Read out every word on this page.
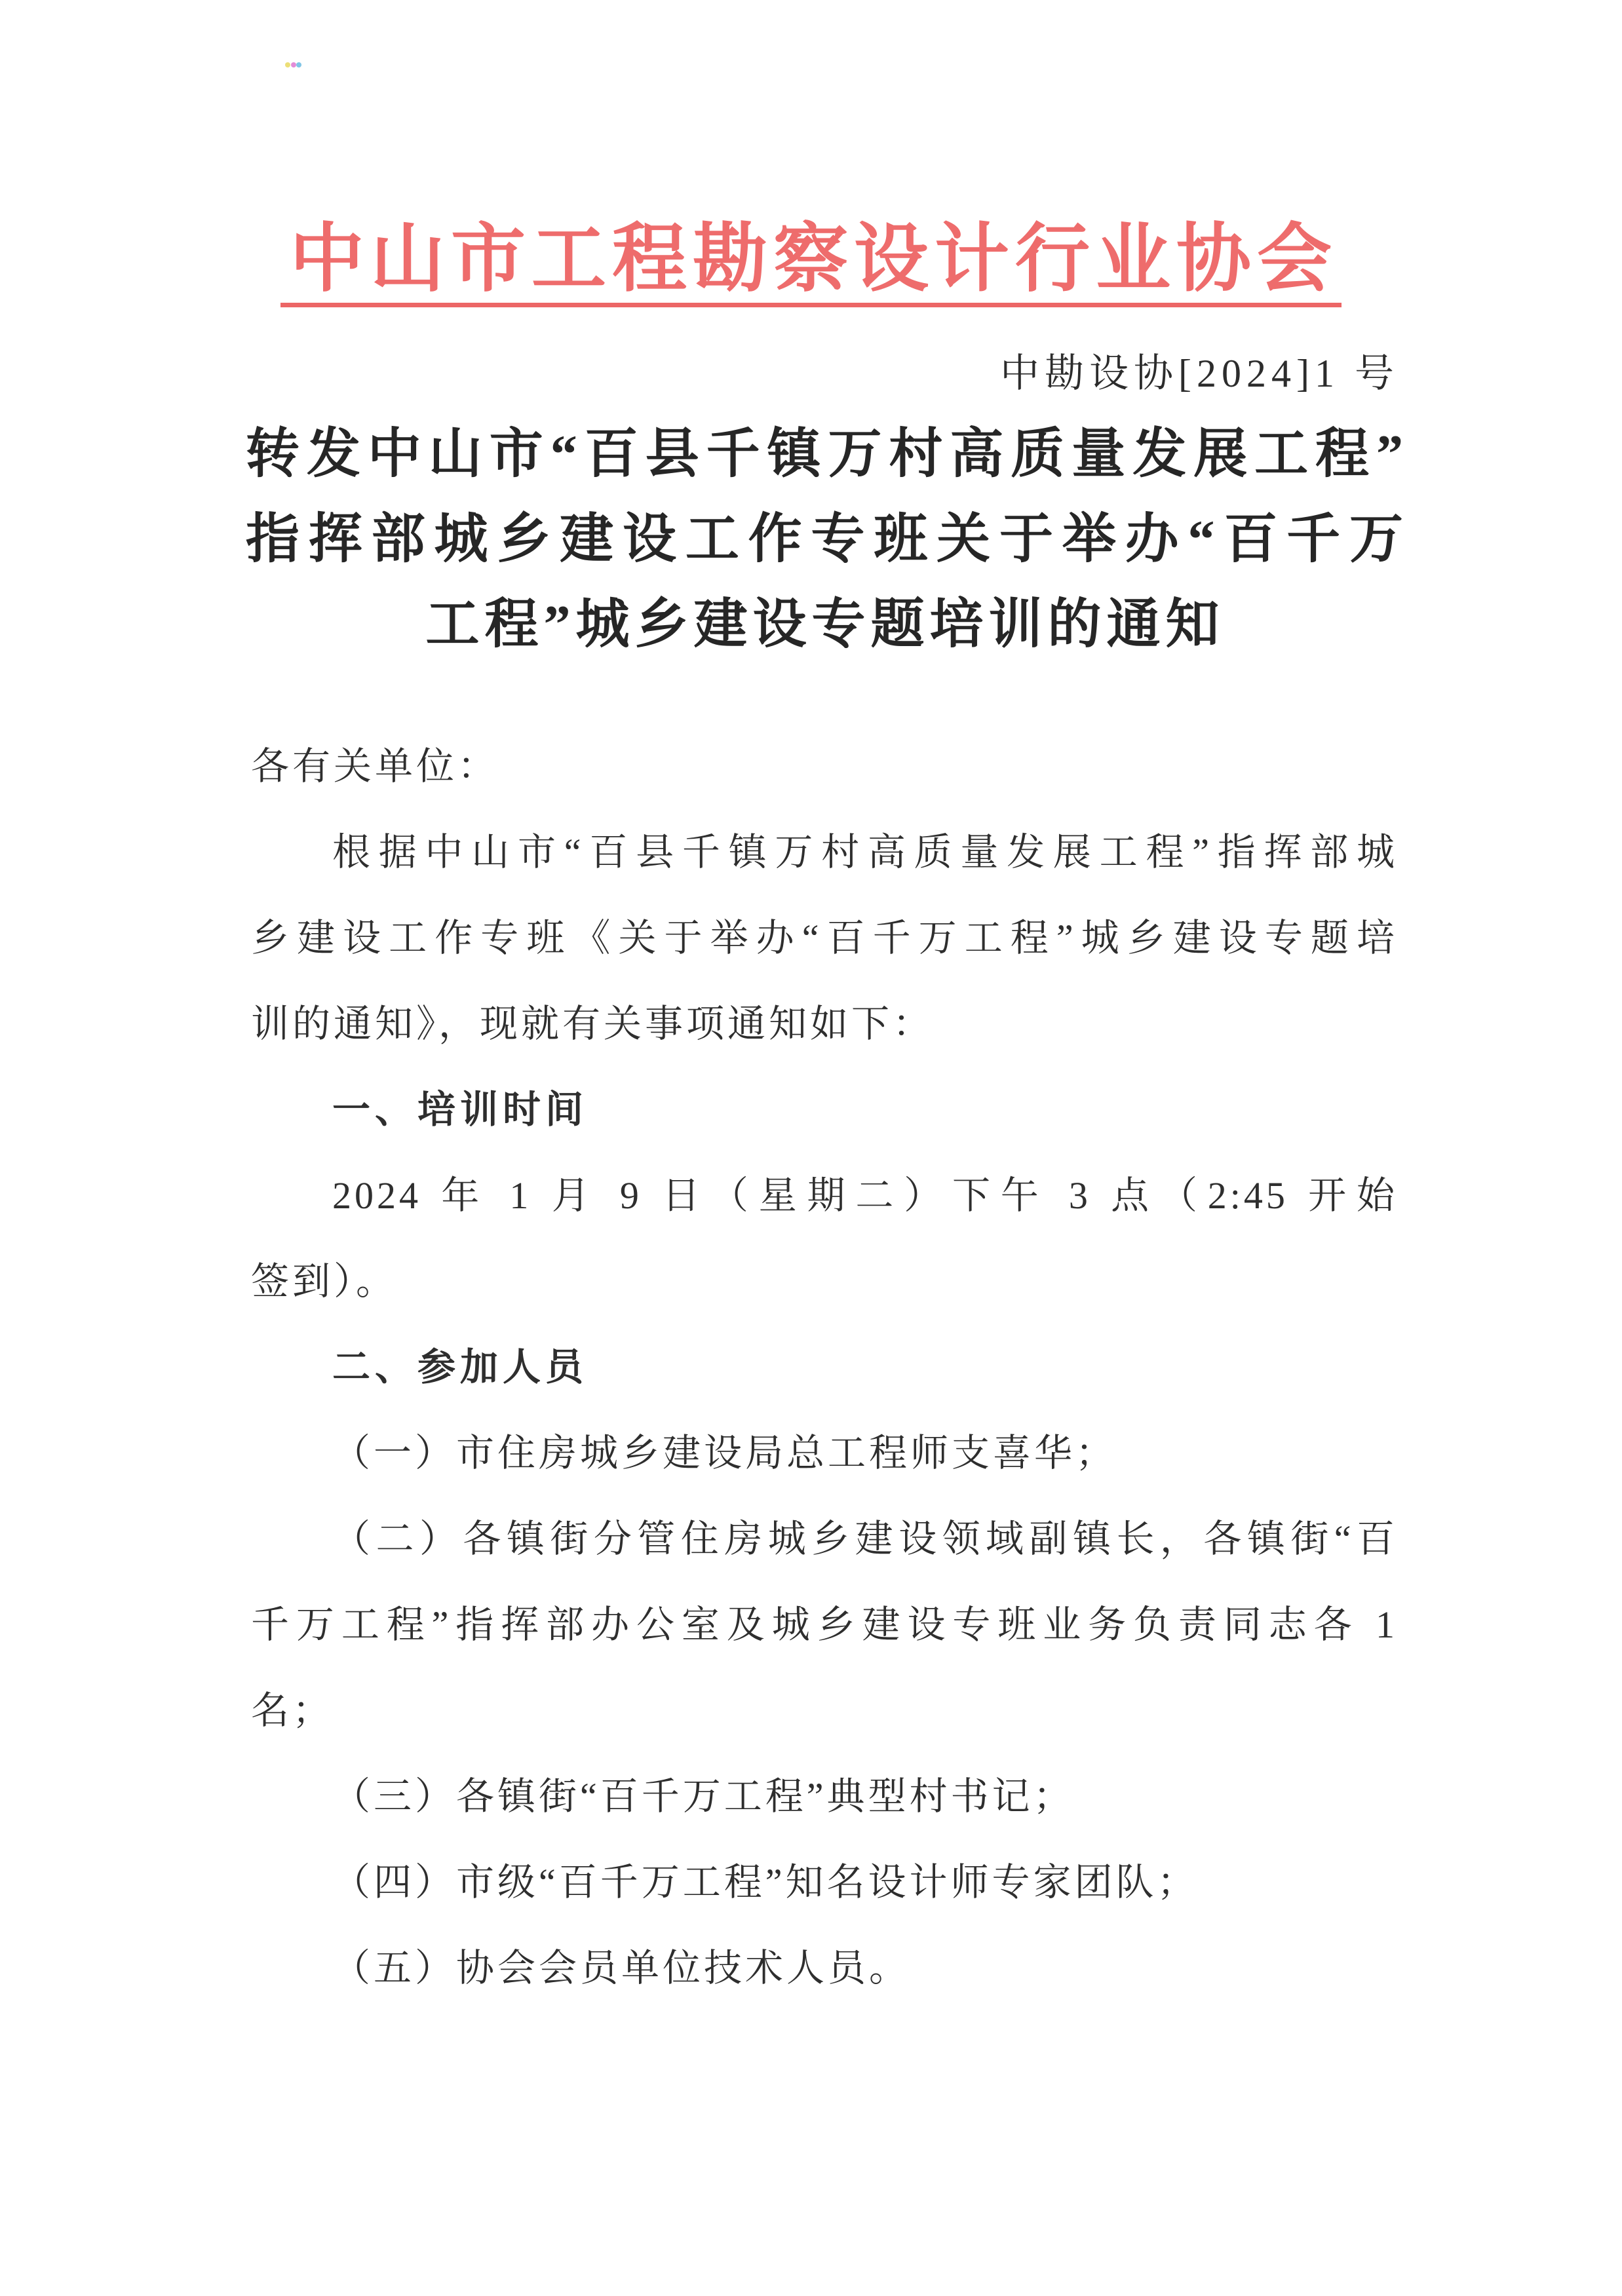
中山市工程勘察设计行业协会
中勘设协[2024]1 号
转发中山市“百县千镇万村高质量发展工程”
指挥部城乡建设工作专班关于举办“百千万
工程”城乡建设专题培训的通知
各有关单位：
根据中山市“百县千镇万村高质量发展工程”指挥部城
乡建设工作专班《关于举办“百千万工程”城乡建设专题培
训的通知》，现就有关事项通知如下：
一、培训时间
2024 年 1 月 9 日（星期二）下午 3 点（2:45 开始
签到）。
二、参加人员
（一）市住房城乡建设局总工程师支喜华；
（二）各镇街分管住房城乡建设领域副镇长，各镇街“百
千万工程”指挥部办公室及城乡建设专班业务负责同志各 1
名；
（三）各镇街“百千万工程”典型村书记；
（四）市级“百千万工程”知名设计师专家团队；
（五）协会会员单位技术人员。
